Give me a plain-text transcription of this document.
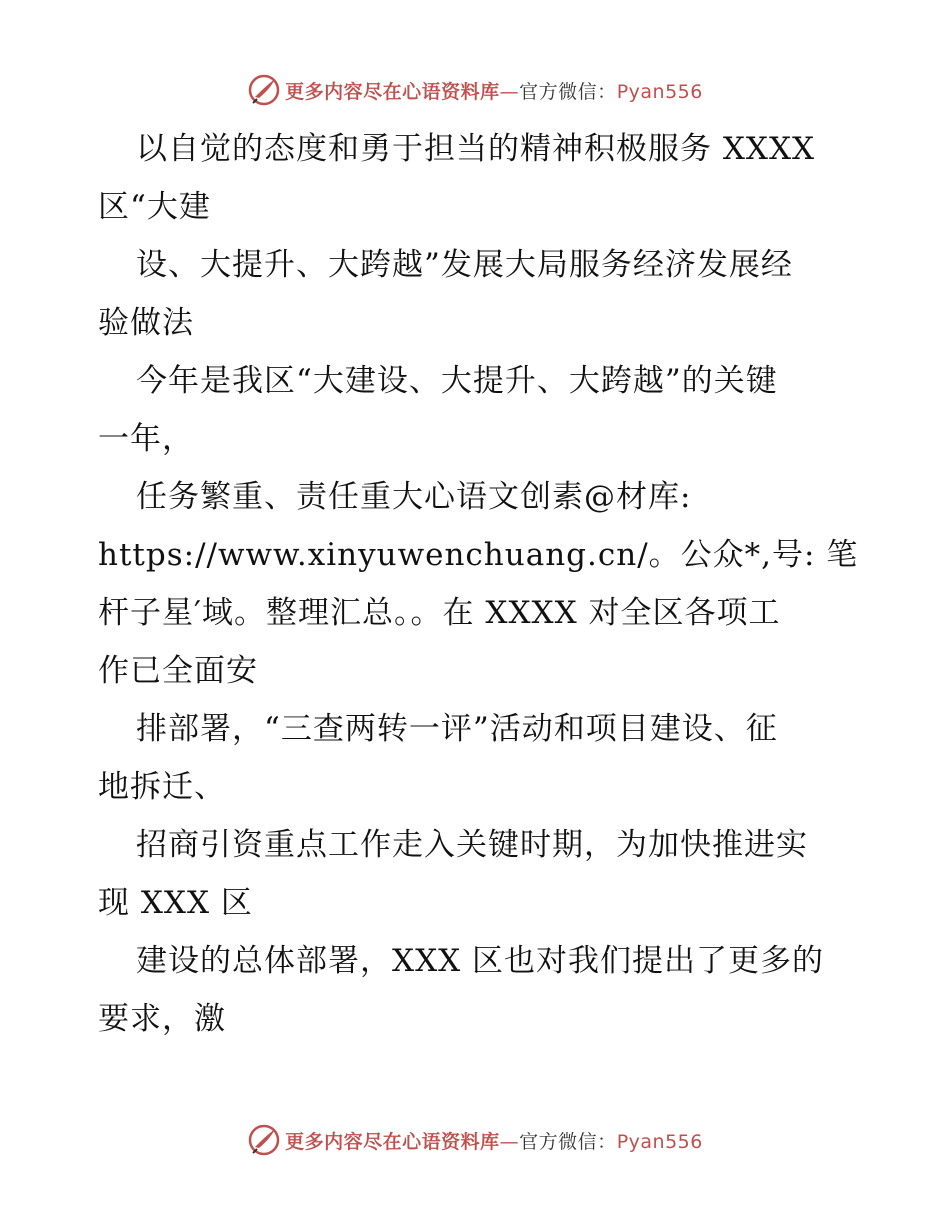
更多内容尽在心语资料库—官方微信：Pyan556
以自觉的态度和勇于担当的精神积极服务 XXXX
区“大建
设、大提升、大跨越”发展大局服务经济发展经
验做法
今年是我区“大建设、大提升、大跨越”的关键
一年，
任务繁重、责任重大心语文创素@材库:
https://www.xinyuwenchuang.cn/。公众*,号: 笔
杆子星′域。整理汇总。。在 XXXX 对全区各项工
作已全面安
排部署，“三查两转一评”活动和项目建设、征
地拆迁、
招商引资重点工作走入关键时期，为加快推进实
现 XXX 区
建设的总体部署，XXX 区也对我们提出了更多的
要求，激
更多内容尽在心语资料库—官方微信：Pyan556
